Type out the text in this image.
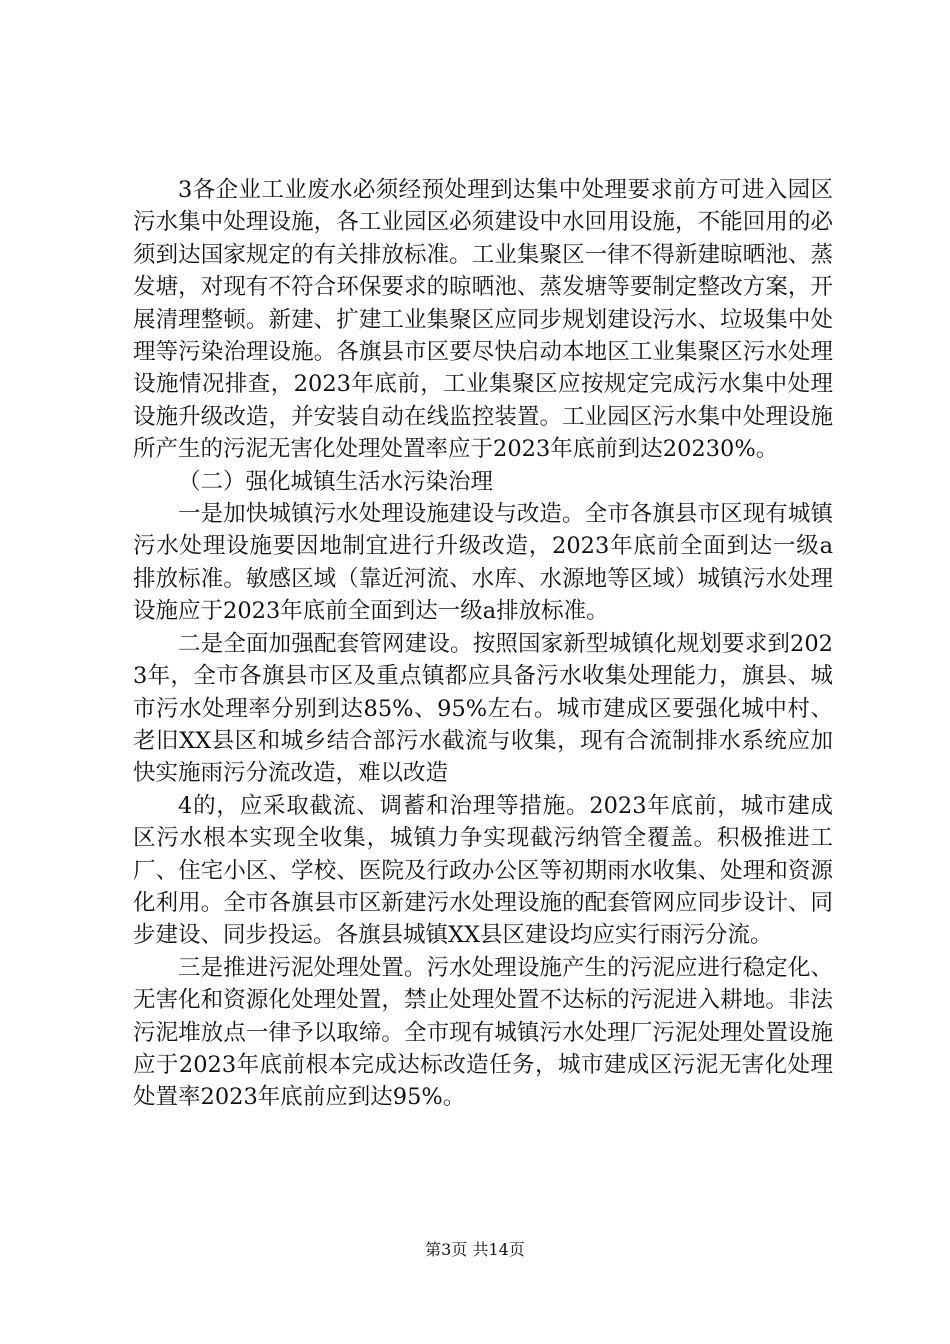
3各企业工业废水必须经预处理到达集中处理要求前方可进入园区污水集中处理设施，各工业园区必须建设中水回用设施，不能回用的必须到达国家规定的有关排放标准。工业集聚区一律不得新建晾晒池、蒸发塘，对现有不符合环保要求的晾晒池、蒸发塘等要制定整改方案，开展清理整顿。新建、扩建工业集聚区应同步规划建设污水、垃圾集中处理等污染治理设施。各旗县市区要尽快启动本地区工业集聚区污水处理设施情况排查，2023年底前，工业集聚区应按规定完成污水集中处理设施升级改造，并安装自动在线监控装置。工业园区污水集中处理设施所产生的污泥无害化处理处置率应于2023年底前到达20230%。

（二）强化城镇生活水污染治理

一是加快城镇污水处理设施建设与改造。全市各旗县市区现有城镇污水处理设施要因地制宜进行升级改造，2023年底前全面到达一级a排放标准。敏感区域（靠近河流、水库、水源地等区域）城镇污水处理设施应于2023年底前全面到达一级a排放标准。

二是全面加强配套管网建设。按照国家新型城镇化规划要求到2023年，全市各旗县市区及重点镇都应具备污水收集处理能力，旗县、城市污水处理率分别到达85%、95%左右。城市建成区要强化城中村、老旧XX县区和城乡结合部污水截流与收集，现有合流制排水系统应加快实施雨污分流改造，难以改造

4的，应采取截流、调蓄和治理等措施。2023年底前，城市建成区污水根本实现全收集，城镇力争实现截污纳管全覆盖。积极推进工厂、住宅小区、学校、医院及行政办公区等初期雨水收集、处理和资源化利用。全市各旗县市区新建污水处理设施的配套管网应同步设计、同步建设、同步投运。各旗县城镇XX县区建设均应实行雨污分流。

三是推进污泥处理处置。污水处理设施产生的污泥应进行稳定化、无害化和资源化处理处置，禁止处理处置不达标的污泥进入耕地。非法污泥堆放点一律予以取缔。全市现有城镇污水处理厂污泥处理处置设施应于2023年底前根本完成达标改造任务，城市建成区污泥无害化处理处置率2023年底前应到达95%。

第3页 共14页
